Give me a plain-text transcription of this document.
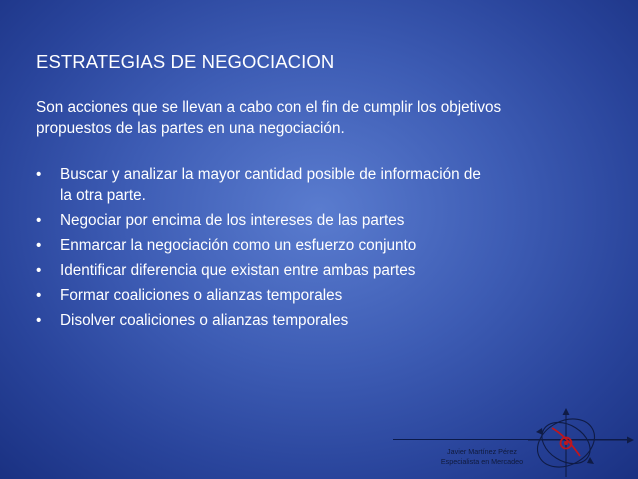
ESTRATEGIAS DE NEGOCIACION
Son acciones que se llevan a cabo con el fin de cumplir los objetivos
propuestos de las partes en una negociación.
• Buscar y analizar la mayor cantidad posible de información de
la otra parte.
• Negociar por encima de los intereses de las partes
• Enmarcar la negociación como un esfuerzo conjunto
• Identificar diferencia que existan entre ambas partes
• Formar coaliciones o alianzas temporales
• Disolver coaliciones o alianzas temporales
Javier Martínez Pérez
Especialista en Mercadeo
